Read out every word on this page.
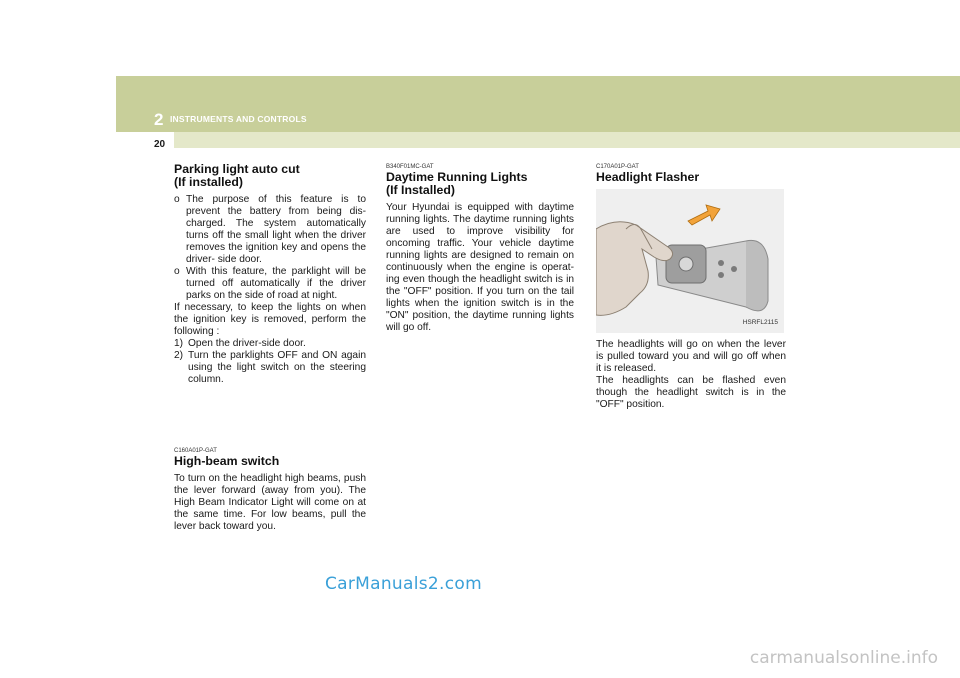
2 INSTRUMENTS AND CONTROLS
20
Parking light auto cut
(If installed)
o The purpose of this feature is to prevent the battery from being dis- charged. The system automatically turns off the small light when the driver removes the ignition key and opens the driver- side door.
o With this feature, the parklight will be turned off automatically if the driver parks on the side of road at night.

If necessary, to keep the lights on when the ignition key is removed, perform the following :

1) Open the driver-side door.
2) Turn the parklights OFF and ON again using the light switch on the steering column.

C160A01P-GAT

High-beam switch

To turn on the headlight high beams, push the lever forward (away from you). The High Beam Indicator Light will come on at the same time. For low beams, pull the lever back toward you.

B340F01MC-GAT

Daytime Running Lights
(If Installed)

Your Hyundai is equipped with daytime running lights. The daytime running lights are used to improve visibility for oncoming traffic. Your vehicle daytime running lights are designed to remain on continuously when the engine is operat- ing even though the headlight switch is in the "OFF" position. If you turn on the tail lights when the ignition switch is in the "ON" position, the daytime running lights will go off.

C170A01P-GAT

Headlight Flasher
HSRFL2115

The headlights will go on when the lever is pulled toward you and will go off when it is released.

The headlights can be flashed even though the headlight switch is in the "OFF" position.

CarManuals2.com
carmanualsonline.info
